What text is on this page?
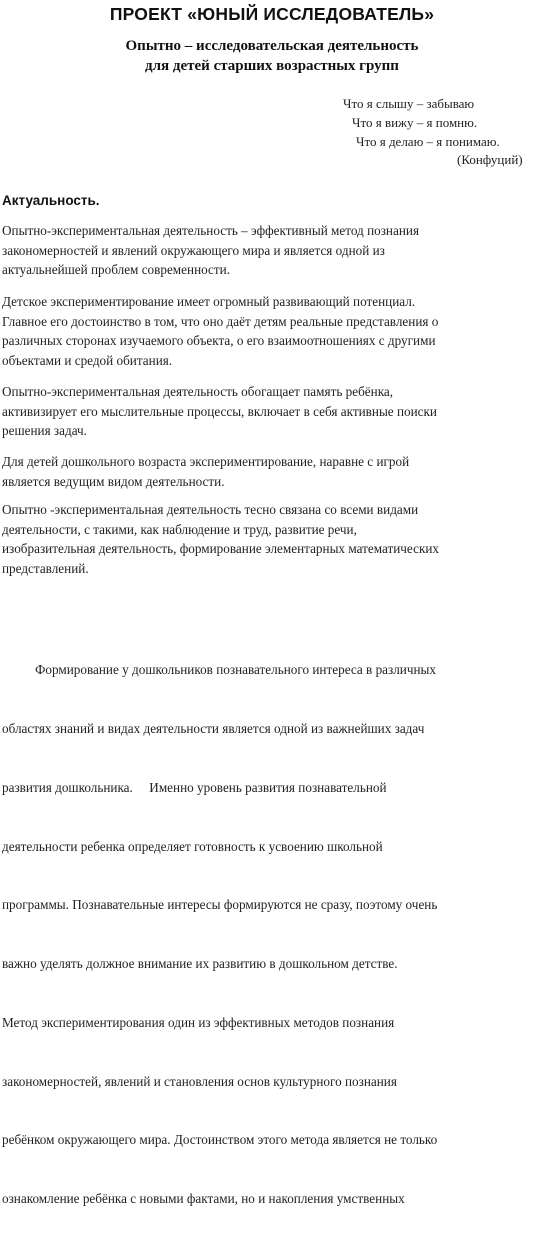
ПРОЕКТ «ЮНЫЙ ИССЛЕДОВАТЕЛЬ»
Опытно – исследовательская деятельность
для детей старших возрастных групп
Что я слышу – забываю
Что я вижу – я помню.
Что я делаю – я понимаю.
(Конфуций)
Актуальность.
Опытно-экспериментальная деятельность – эффективный метод познания
закономерностей и явлений окружающего мира и является одной из
актуальнейшей проблем современности.
Детское экспериментирование имеет огромный развивающий потенциал.
Главное его достоинство в том, что оно даёт детям реальные представления о
различных сторонах изучаемого объекта, о его взаимоотношениях с другими
объектами и средой обитания.
Опытно-экспериментальная деятельность обогащает память ребёнка,
активизирует его мыслительные процессы, включает в себя активные поиски
решения задач.
Для детей дошкольного возраста экспериментирование, наравне с игрой
является ведущим видом деятельности.
Опытно -экспериментальная деятельность тесно связана со всеми видами
деятельности, с такими, как наблюдение и труд, развитие речи,
изобразительная деятельность, формирование элементарных математических
представлений.

Формирование у дошкольников познавательного интереса в различных

областях знаний и видах деятельности является одной из важнейших задач

развития дошкольника.     Именно уровень развития познавательной

деятельности ребенка определяет готовность к усвоению школьной

программы. Познавательные интересы формируются не сразу, поэтому очень

важно уделять должное внимание их развитию в дошкольном детстве.

Метод экспериментирования один из эффективных методов познания

закономерностей, явлений и становления основ культурного познания

ребёнком окружающего мира. Достоинством этого метода является не только

ознакомление ребёнка с новыми фактами, но и накопления умственных
